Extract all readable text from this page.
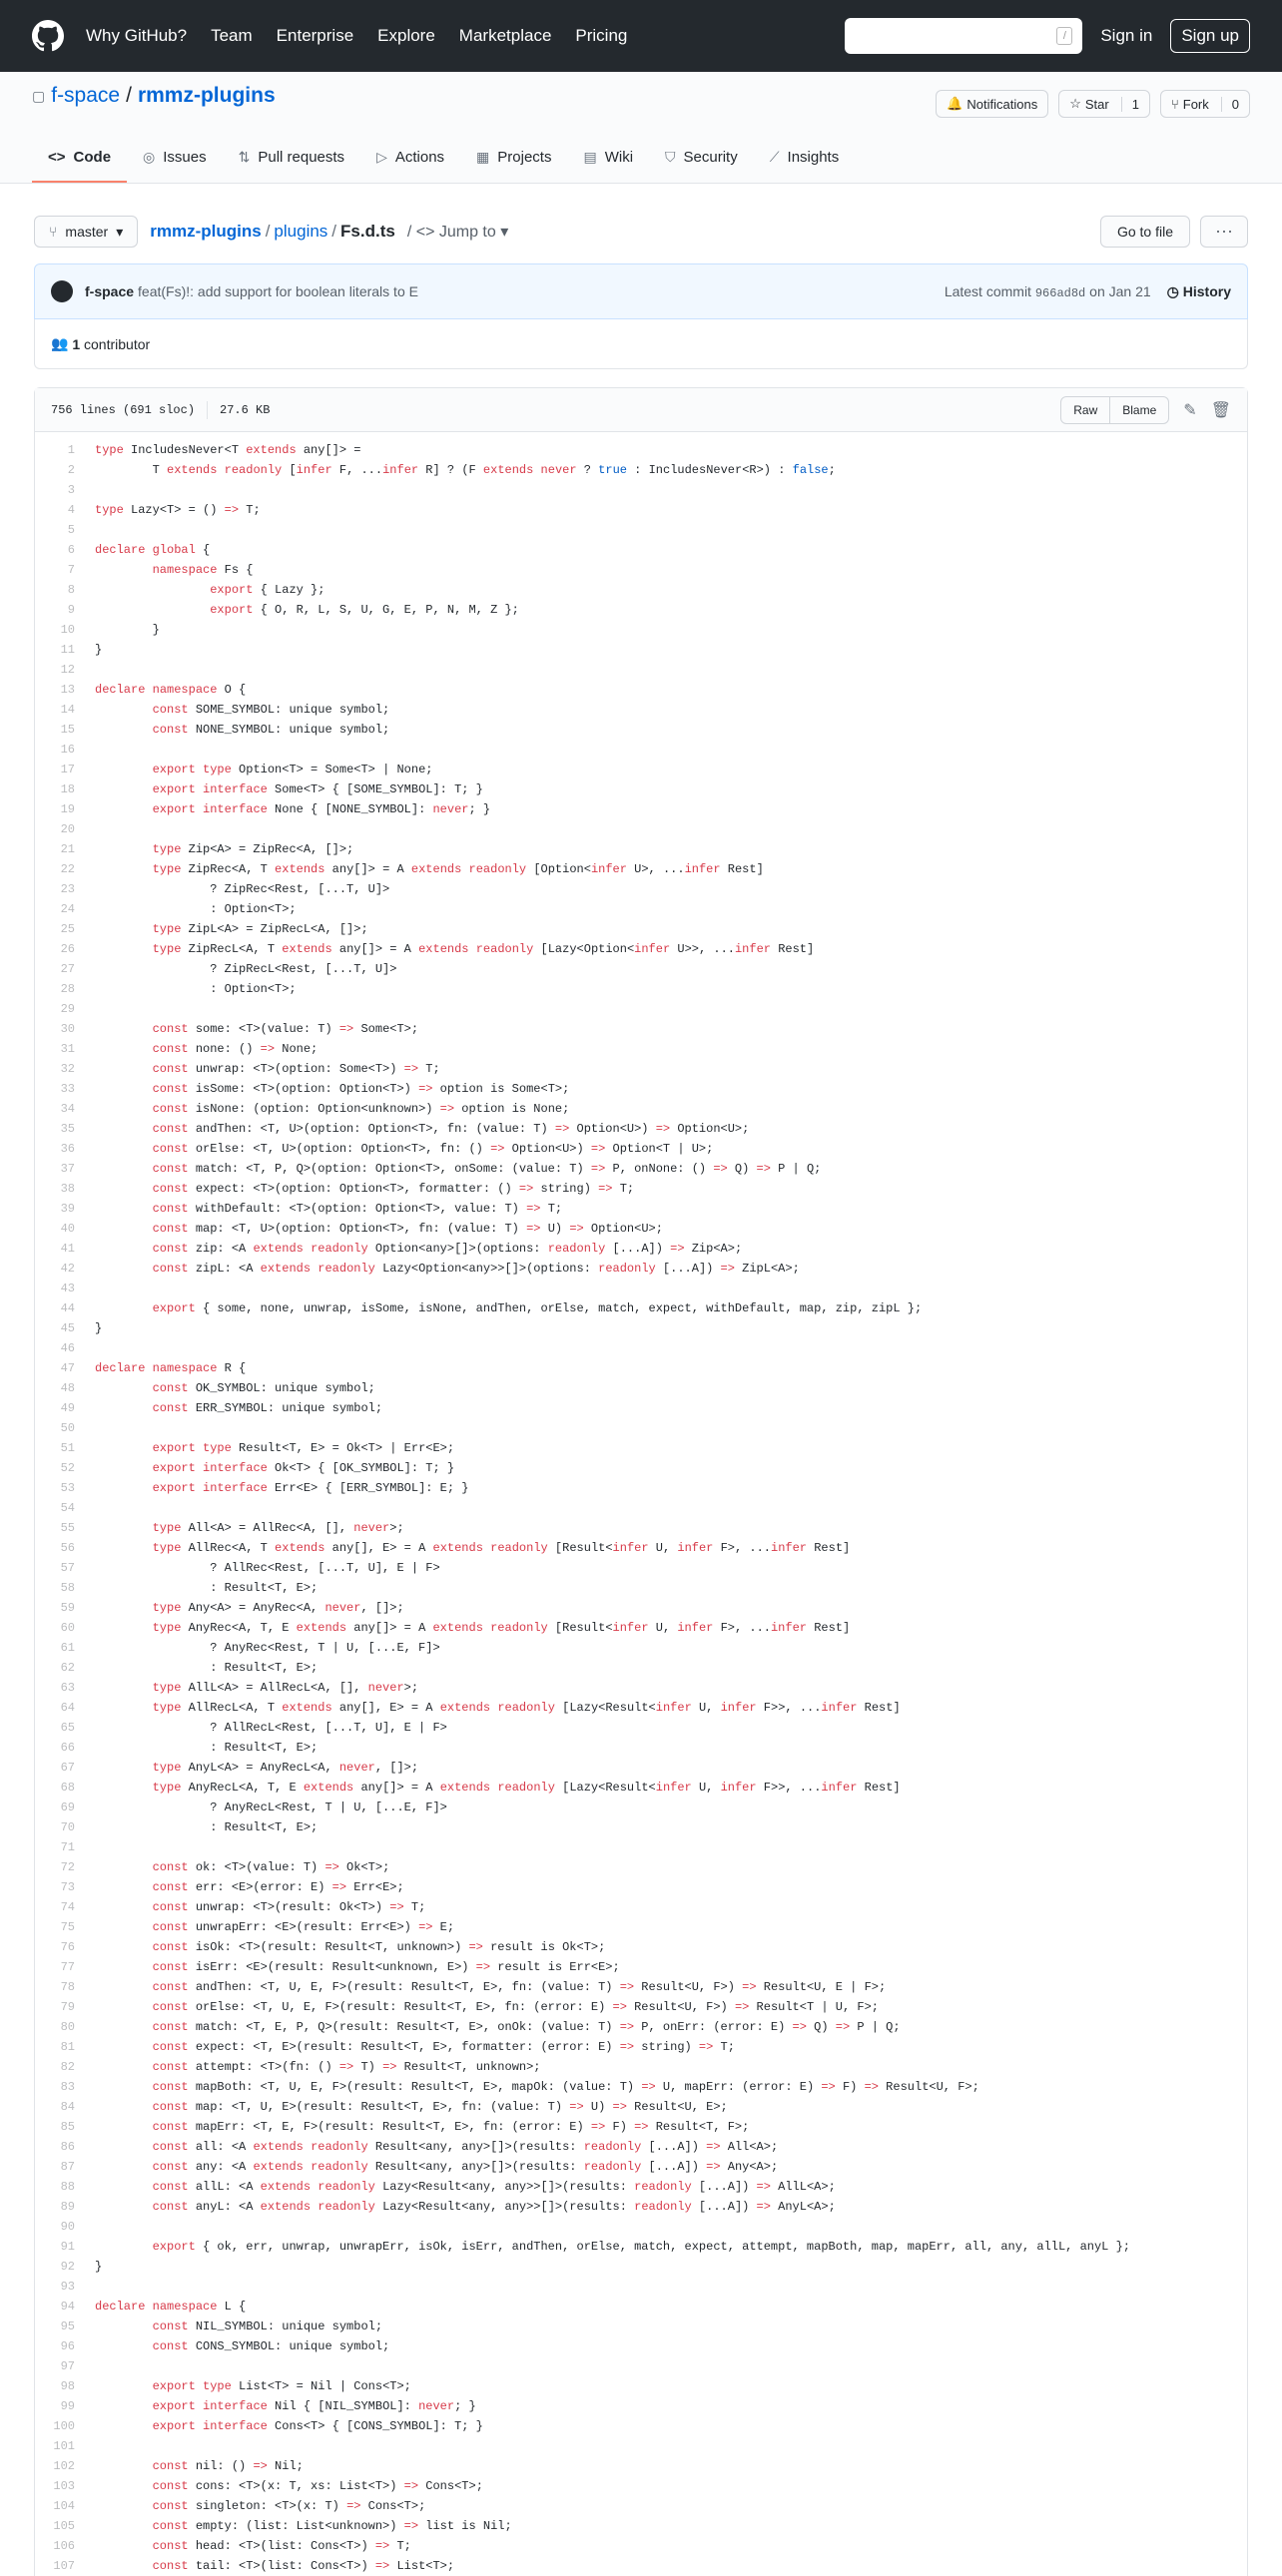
Why GitHub? Team Enterprise Explore Marketplace Pricing	/	Sign in	Sign up
▢ f-space / rmmz-plugins	🔔 Notifications ☆ Star	1 ⑂ Fork	0
<> Code ◎ Issues ⇅ Pull requests ▷ Actions ▦ Projects ▤ Wiki ⛉ Security ⟋ Insights
⑂ master ▾ rmmz-plugins / plugins / Fs.d.ts / <> Jump to ▾	Go to file	···
f-space feat(Fs)!: add support for boolean literals to E	Latest commit 966ad8d on Jan 21 ◷ History
👥
1
contributor
756 lines (691 sloc) 27.6 KB	Raw	Blame	✎ 🗑
1	type IncludesNever<T extends any[]> =
2	T extends readonly [infer F, ...infer R] ? (F extends never ? true : IncludesNever<R>) : false;
3
4	type Lazy<T> = () => T;
5
6	declare global {
7	namespace Fs {
8	export { Lazy };
9	export { O, R, L, S, U, G, E, P, N, M, Z };
10	}
11	}
12
13	declare namespace O {
14	const SOME_SYMBOL: unique symbol;
15	const NONE_SYMBOL: unique symbol;
16
17	export type Option<T> = Some<T> | None;
18	export interface Some<T> { [SOME_SYMBOL]: T; }
19	export interface None { [NONE_SYMBOL]: never; }
20
21	type Zip<A> = ZipRec<A, []>;
22	type ZipRec<A, T extends any[]> = A extends readonly [Option<infer U>, ...infer Rest]
23	? ZipRec<Rest, [...T, U]>
24	: Option<T>;
25	type ZipL<A> = ZipRecL<A, []>;
26	type ZipRecL<A, T extends any[]> = A extends readonly [Lazy<Option<infer U>>, ...infer Rest]
27	? ZipRecL<Rest, [...T, U]>
28	: Option<T>;
29
30	const some: <T>(value: T) => Some<T>;
31	const none: () => None;
32	const unwrap: <T>(option: Some<T>) => T;
33	const isSome: <T>(option: Option<T>) => option is Some<T>;
34	const isNone: (option: Option<unknown>) => option is None;
35	const andThen: <T, U>(option: Option<T>, fn: (value: T) => Option<U>) => Option<U>;
36	const orElse: <T, U>(option: Option<T>, fn: () => Option<U>) => Option<T | U>;
37	const match: <T, P, Q>(option: Option<T>, onSome: (value: T) => P, onNone: () => Q) => P | Q;
38	const expect: <T>(option: Option<T>, formatter: () => string) => T;
39	const withDefault: <T>(option: Option<T>, value: T) => T;
40	const map: <T, U>(option: Option<T>, fn: (value: T) => U) => Option<U>;
41	const zip: <A extends readonly Option<any>[]>(options: readonly [...A]) => Zip<A>;
42	const zipL: <A extends readonly Lazy<Option<any>>[]>(options: readonly [...A]) => ZipL<A>;
43
44	export { some, none, unwrap, isSome, isNone, andThen, orElse, match, expect, withDefault, map, zip, zipL };
45	}
46
47	declare namespace R {
48	const OK_SYMBOL: unique symbol;
49	const ERR_SYMBOL: unique symbol;
50
51	export type Result<T, E> = Ok<T> | Err<E>;
52	export interface Ok<T> { [OK_SYMBOL]: T; }
53	export interface Err<E> { [ERR_SYMBOL]: E; }
54
55	type All<A> = AllRec<A, [], never>;
56	type AllRec<A, T extends any[], E> = A extends readonly [Result<infer U, infer F>, ...infer Rest]
57	? AllRec<Rest, [...T, U], E | F>
58	: Result<T, E>;
59	type Any<A> = AnyRec<A, never, []>;
60	type AnyRec<A, T, E extends any[]> = A extends readonly [Result<infer U, infer F>, ...infer Rest]
61	? AnyRec<Rest, T | U, [...E, F]>
62	: Result<T, E>;
63	type AllL<A> = AllRecL<A, [], never>;
64	type AllRecL<A, T extends any[], E> = A extends readonly [Lazy<Result<infer U, infer F>>, ...infer Rest]
65	? AllRecL<Rest, [...T, U], E | F>
66	: Result<T, E>;
67	type AnyL<A> = AnyRecL<A, never, []>;
68	type AnyRecL<A, T, E extends any[]> = A extends readonly [Lazy<Result<infer U, infer F>>, ...infer Rest]
69	? AnyRecL<Rest, T | U, [...E, F]>
70	: Result<T, E>;
71
72	const ok: <T>(value: T) => Ok<T>;
73	const err: <E>(error: E) => Err<E>;
74	const unwrap: <T>(result: Ok<T>) => T;
75	const unwrapErr: <E>(result: Err<E>) => E;
76	const isOk: <T>(result: Result<T, unknown>) => result is Ok<T>;
77	const isErr: <E>(result: Result<unknown, E>) => result is Err<E>;
78	const andThen: <T, U, E, F>(result: Result<T, E>, fn: (value: T) => Result<U, F>) => Result<U, E | F>;
79	const orElse: <T, U, E, F>(result: Result<T, E>, fn: (error: E) => Result<U, F>) => Result<T | U, F>;
80	const match: <T, E, P, Q>(result: Result<T, E>, onOk: (value: T) => P, onErr: (error: E) => Q) => P | Q;
81	const expect: <T, E>(result: Result<T, E>, formatter: (error: E) => string) => T;
82	const attempt: <T>(fn: () => T) => Result<T, unknown>;
83	const mapBoth: <T, U, E, F>(result: Result<T, E>, mapOk: (value: T) => U, mapErr: (error: E) => F) => Result<U, F>;
84	const map: <T, U, E>(result: Result<T, E>, fn: (value: T) => U) => Result<U, E>;
85	const mapErr: <T, E, F>(result: Result<T, E>, fn: (error: E) => F) => Result<T, F>;
86	const all: <A extends readonly Result<any, any>[]>(results: readonly [...A]) => All<A>;
87	const any: <A extends readonly Result<any, any>[]>(results: readonly [...A]) => Any<A>;
88	const allL: <A extends readonly Lazy<Result<any, any>>[]>(results: readonly [...A]) => AllL<A>;
89	const anyL: <A extends readonly Lazy<Result<any, any>>[]>(results: readonly [...A]) => AnyL<A>;
90
91	export { ok, err, unwrap, unwrapErr, isOk, isErr, andThen, orElse, match, expect, attempt, mapBoth, map, mapErr, all, any, allL, anyL };
92	}
93
94	declare namespace L {
95	const NIL_SYMBOL: unique symbol;
96	const CONS_SYMBOL: unique symbol;
97
98	export type List<T> = Nil | Cons<T>;
99	export interface Nil { [NIL_SYMBOL]: never; }
100	export interface Cons<T> { [CONS_SYMBOL]: T; }
101
102	const nil: () => Nil;
103	const cons: <T>(x: T, xs: List<T>) => Cons<T>;
104	const singleton: <T>(x: T) => Cons<T>;
105	const empty: (list: List<unknown>) => list is Nil;
106	const head: <T>(list: Cons<T>) => T;
107	const tail: <T>(list: Cons<T>) => List<T>;
